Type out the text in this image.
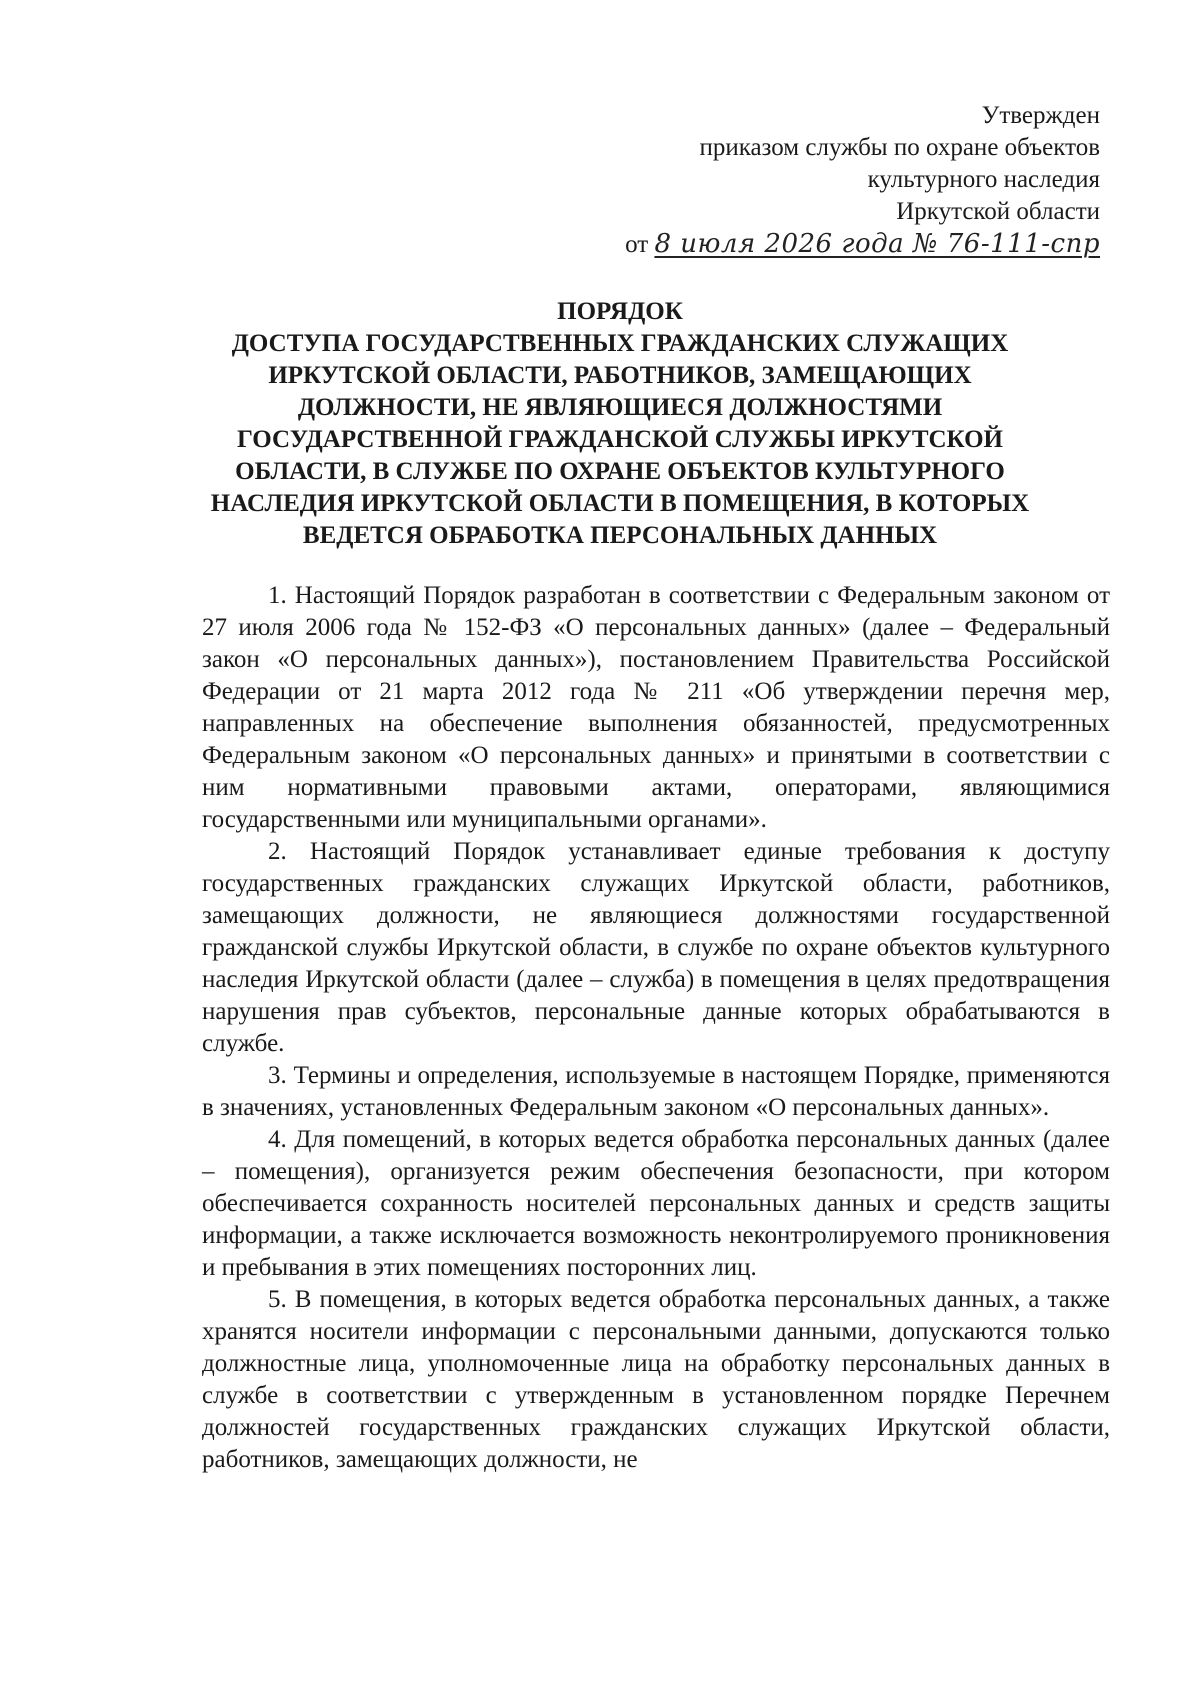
Утвержден
приказом службы по охране объектов
культурного наследия
Иркутской области
от 8 июля 2026 года № 76-111-спр
ПОРЯДОК
ДОСТУПА ГОСУДАРСТВЕННЫХ ГРАЖДАНСКИХ СЛУЖАЩИХ
ИРКУТСКОЙ ОБЛАСТИ, РАБОТНИКОВ, ЗАМЕЩАЮЩИХ
ДОЛЖНОСТИ, НЕ ЯВЛЯЮЩИЕСЯ ДОЛЖНОСТЯМИ
ГОСУДАРСТВЕННОЙ ГРАЖДАНСКОЙ СЛУЖБЫ ИРКУТСКОЙ
ОБЛАСТИ, В СЛУЖБЕ ПО ОХРАНЕ ОБЪЕКТОВ КУЛЬТУРНОГО
НАСЛЕДИЯ ИРКУТСКОЙ ОБЛАСТИ В ПОМЕЩЕНИЯ, В КОТОРЫХ
ВЕДЕТСЯ ОБРАБОТКА ПЕРСОНАЛЬНЫХ ДАННЫХ

1. Настоящий Порядок разработан в соответствии с Федеральным законом от 27 июля 2006 года № 152-ФЗ «О персональных данных» (далее – Федеральный закон «О персональных данных»), постановлением Правительства Российской Федерации от 21 марта 2012 года № 211 «Об утверждении перечня мер, направленных на обеспечение выполнения обязанностей, предусмотренных Федеральным законом «О персональных данных» и принятыми в соответствии с ним нормативными правовыми актами, операторами, являющимися государственными или муниципальными органами».

2. Настоящий Порядок устанавливает единые требования к доступу государственных гражданских служащих Иркутской области, работников, замещающих должности, не являющиеся должностями государственной гражданской службы Иркутской области, в службе по охране объектов культурного наследия Иркутской области (далее – служба) в помещения в целях предотвращения нарушения прав субъектов, персональные данные которых обрабатываются в службе.

3. Термины и определения, используемые в настоящем Порядке, применяются в значениях, установленных Федеральным законом «О персональных данных».

4. Для помещений, в которых ведется обработка персональных данных (далее – помещения), организуется режим обеспечения безопасности, при котором обеспечивается сохранность носителей персональных данных и средств защиты информации, а также исключается возможность неконтролируемого проникновения и пребывания в этих помещениях посторонних лиц.

5. В помещения, в которых ведется обработка персональных данных, а также хранятся носители информации с персональными данными, допускаются только должностные лица, уполномоченные лица на обработку персональных данных в службе в соответствии с утвержденным в установленном порядке Перечнем должностей государственных гражданских служащих Иркутской области, работников, замещающих должности, не
